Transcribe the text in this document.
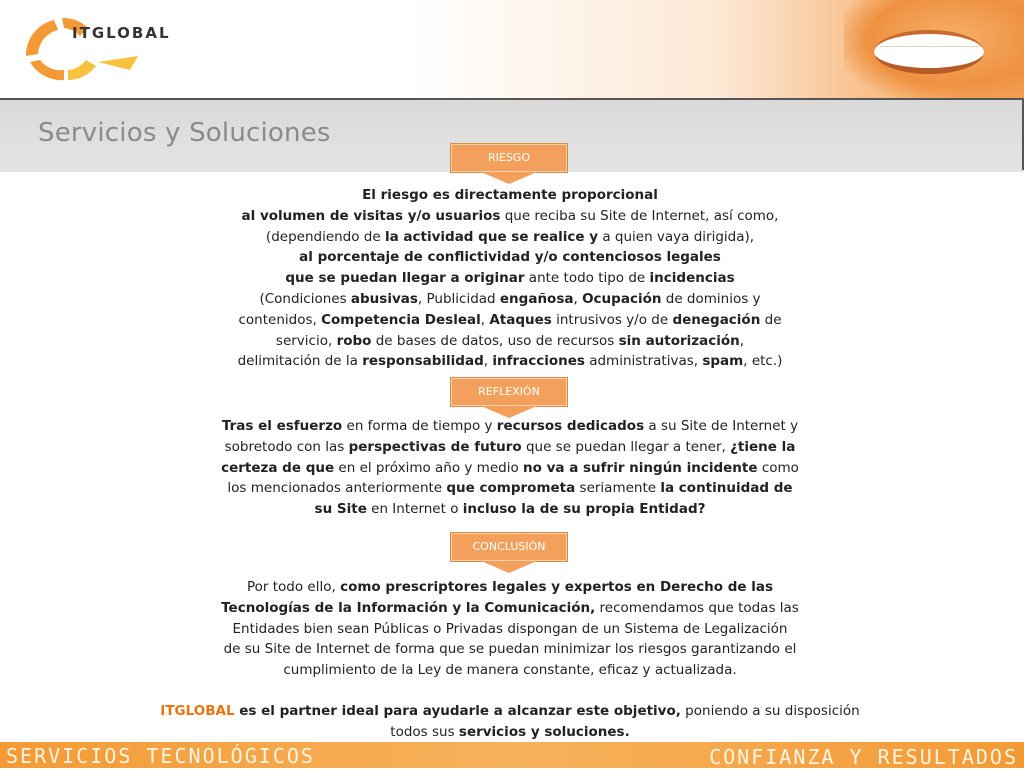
ITGLOBAL
Servicios y Soluciones
RIESGO
El riesgo es directamente proporcional
al volumen de visitas y/o usuarios que reciba su Site de Internet, así como,
(dependiendo de la actividad que se realice y a quien vaya dirigida),
al porcentaje de conflictividad y/o contenciosos legales
que se puedan llegar a originar ante todo tipo de incidencias
(Condiciones abusivas, Publicidad engañosa, Ocupación de dominios y
contenidos, Competencia Desleal, Ataques intrusivos y/o de denegación de
servicio, robo de bases de datos, uso de recursos sin autorización,
delimitación de la responsabilidad, infracciones administrativas, spam, etc.)
REFLEXIÓN
Tras el esfuerzo en forma de tiempo y recursos dedicados a su Site de Internet y
sobretodo con las perspectivas de futuro que se puedan llegar a tener, ¿tiene la
certeza de que en el próximo año y medio no va a sufrir ningún incidente como
los mencionados anteriormente que comprometa seriamente la continuidad de
su Site en Internet o incluso la de su propia Entidad?
CONCLUSIÓN
Por todo ello, como prescriptores legales y expertos en Derecho de las
Tecnologías de la Información y la Comunicación, recomendamos que todas las
Entidades bien sean Públicas o Privadas dispongan de un Sistema de Legalización
de su Site de Internet de forma que se puedan minimizar los riesgos garantizando el
cumplimiento de la Ley de manera constante, eficaz y actualizada.
ITGLOBAL es el partner ideal para ayudarle a alcanzar este objetivo, poniendo a su disposición
todos sus servicios y soluciones.
SERVICIOS TECNOLÓGICOS	CONFIANZA Y RESULTADOS
